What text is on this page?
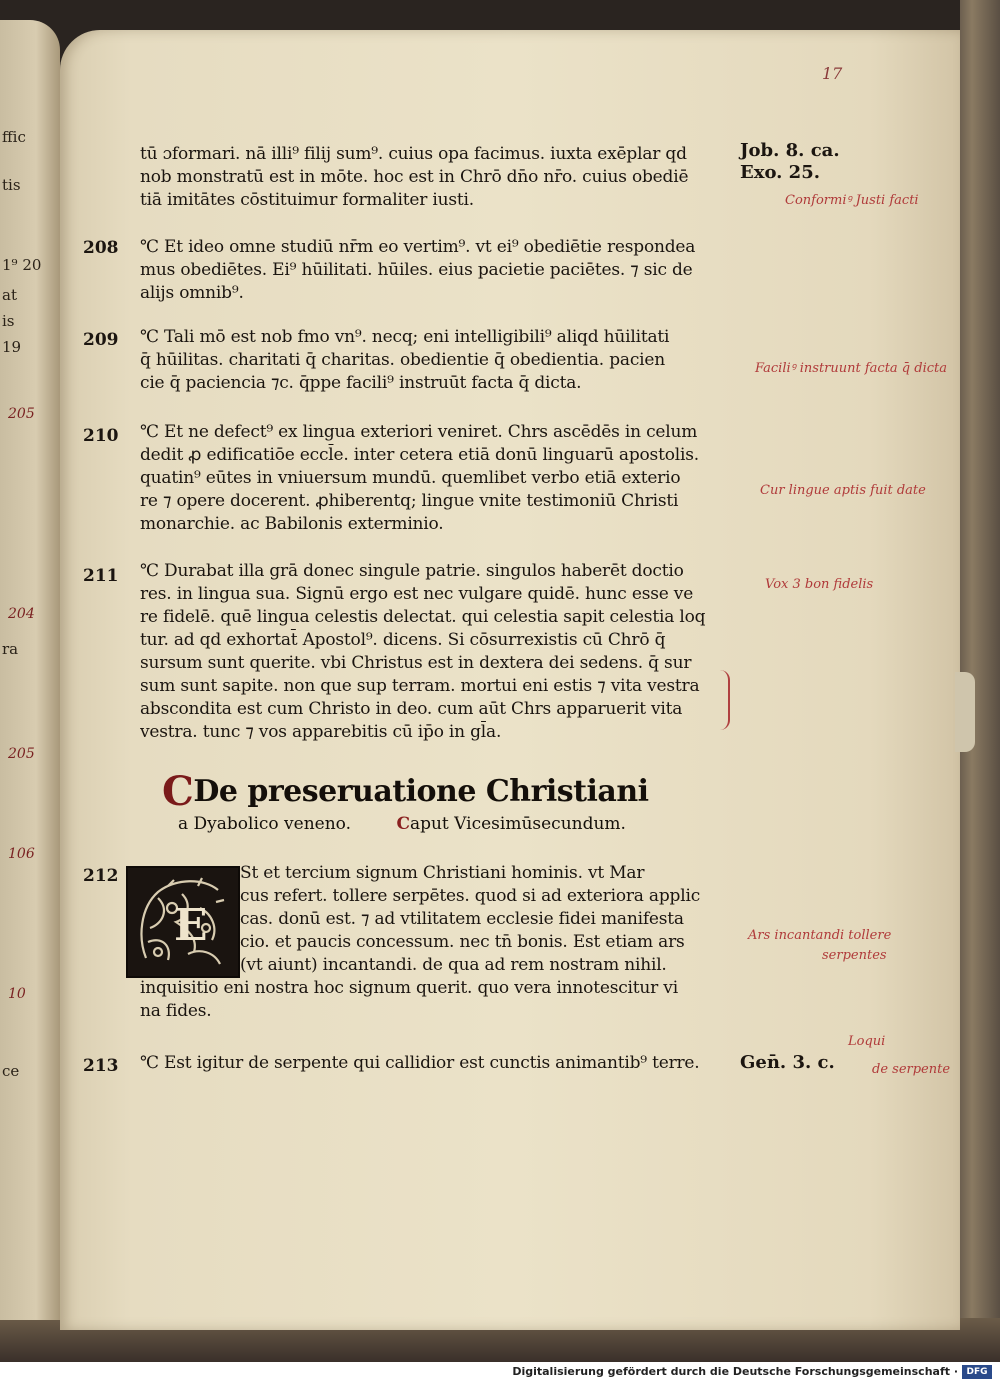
ffic
tis
1⁹ 20
at
is
19
205
204
ra
205
106
10
ce
17
tū ɔformari. nā illi⁹ filij sum⁹. cuius opa facimus. iuxta exēplar qd
nob monstratū est in mōte. hoc est in Chrō dn̄o nr̄o. cuius obediē
tiā imitātes cōstituimur formaliter iusti.
208 ℃ Et ideo omne studiū nr̄m eo vertim⁹. vt ei⁹ obediētie respondea
mus obediētes. Ei⁹ hūilitati. hūiles. eius pacietie paciētes. ⁊ sic de
alijs omnib⁹.
209 ℃ Tali mō est nob fmo vn⁹. necq; eni intelligibili⁹ aliqd hūilitati
q̄ hūilitas. charitati q̄ charitas. obedientie q̄ obedientia. pacien
cie q̄ paciencia ⁊c. q̄ppe facili⁹ instruūt facta q̄ dicta.
210 ℃ Et ne defect⁹ ex lingua exteriori veniret. Chrs ascēdēs in celum
dedit ꝓ edificatiōe eccl̄e. inter cetera etiā donū linguarū apostolis.
quatin⁹ eūtes in vniuersum mundū. quemlibet verbo etiā exterio
re ⁊ opere docerent. ꝓhiberentq; lingue vnite testimoniū Christi
monarchie. ac Babilonis exterminio.
211 ℃ Durabat illa grā donec singule patrie. singulos haberēt doctio
res. in lingua sua. Signū ergo est nec vulgare quidē. hunc esse ve
re fidelē. quē lingua celestis delectat. qui celestia sapit celestia loq
tur. ad qd exhortat̄ Apostol⁹. dicens. Si cōsurrexistis cū Chrō q̄
sursum sunt querite. vbi Christus est in dextera dei sedens. q̄ sur
sum sunt sapite. non que sup terram. mortui eni estis ⁊ vita vestra
abscondita est cum Christo in deo. cum aūt Chrs apparuerit vita
vestra. tunc ⁊ vos apparebitis cū ip̄o in gl̄a.
CDe preseruatione Christiani
a Dyabolico veneno.	Caput Vicesimūsecundum.
212
E
St et tercium signum Christiani hominis. vt Mar
cus refert. tollere serpētes. quod si ad exteriora applic
cas. donū est. ⁊ ad vtilitatem ecclesie fidei manifesta
cio. et paucis concessum. nec tn̄ bonis. Est etiam ars
(vt aiunt) incantandi. de qua ad rem nostram nihil.
inquisitio eni nostra hoc signum querit. quo vera innotescitur vi
na fides.
213 ℃ Est igitur de serpente qui callidior est cunctis animantib⁹ terre.
Job. 8. ca.
Exo. 25.
Gen̄. 3. c.
Conformiꝰ Justi facti
Faciliꝰ instruunt facta q̄ dicta
Cur lingue aptis fuit date
Vox 3 bon fidelis
Ars incantandi tollere
serpentes
Loqui
de serpente
Digitalisierung gefördert durch die Deutsche Forschungsgemeinschaft · DFG
